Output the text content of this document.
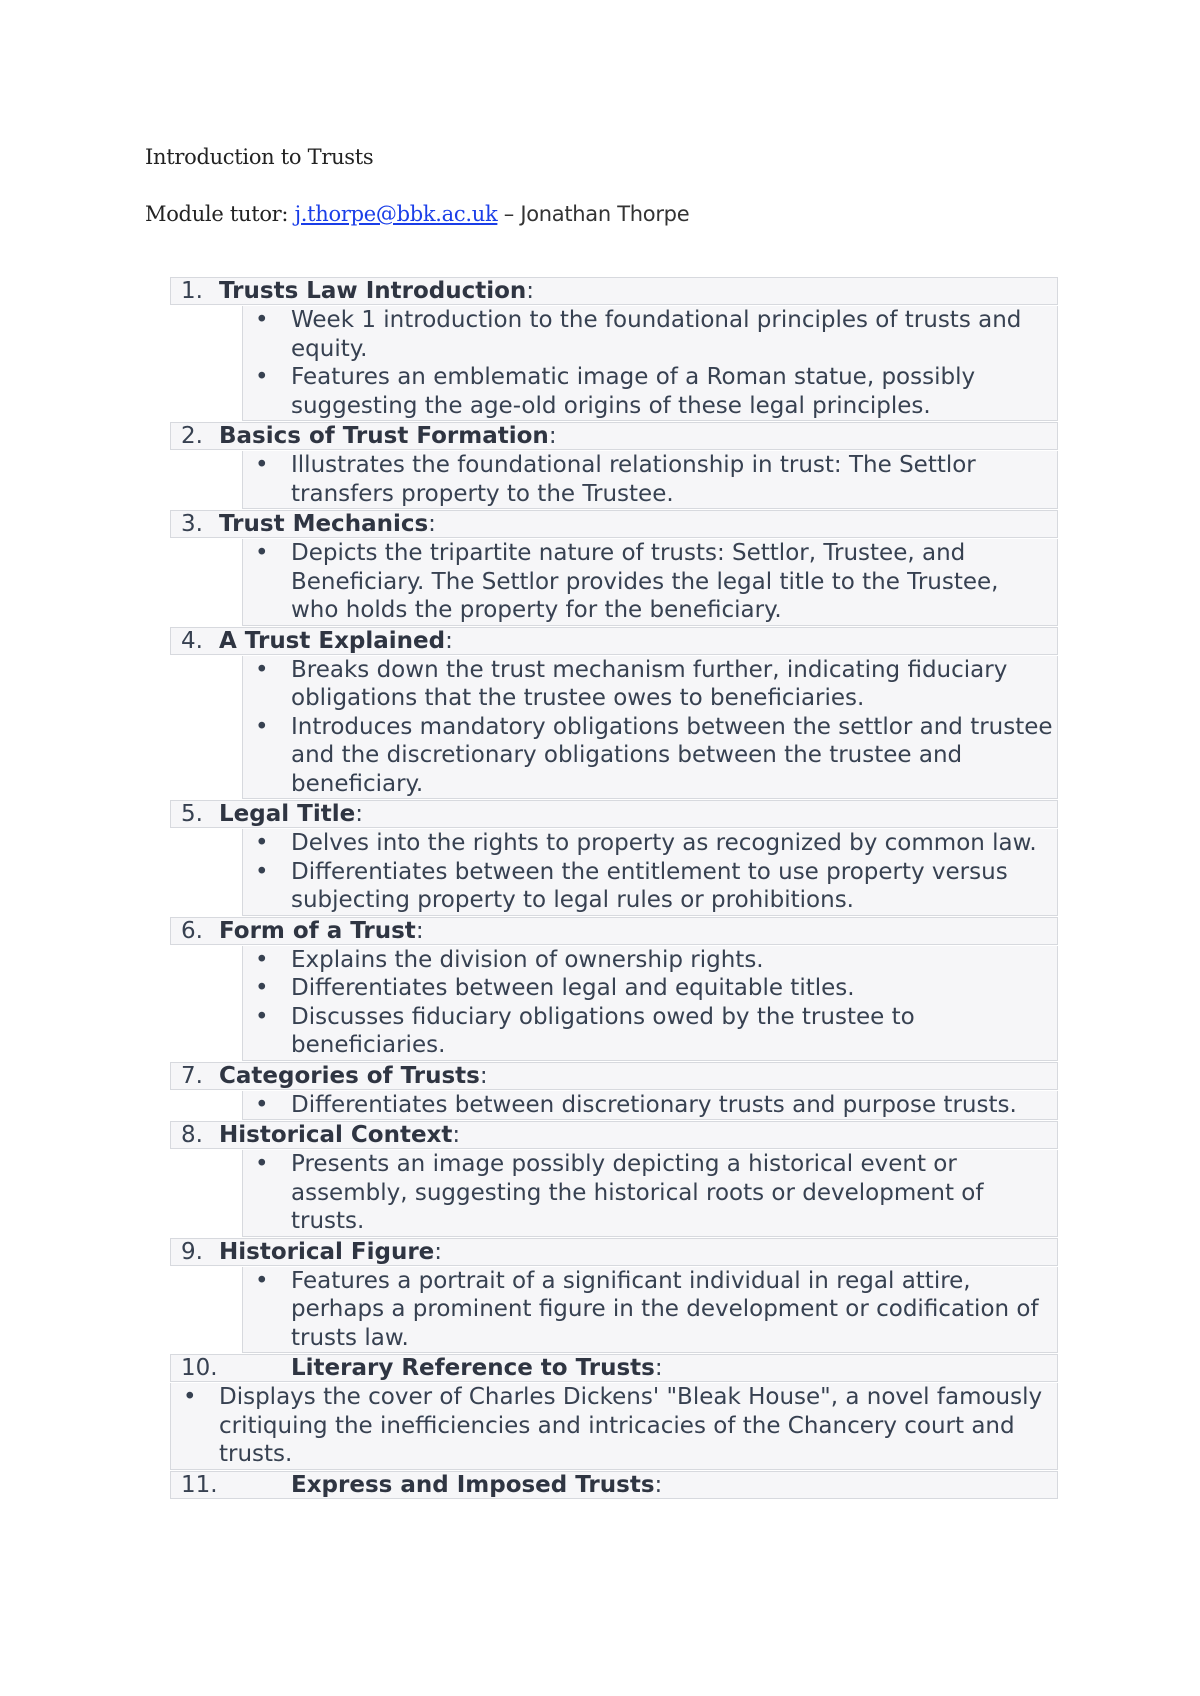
Introduction to Trusts
Module tutor: j.thorpe@bbk.ac.uk – Jonathan Thorpe
1. Trusts Law Introduction:
• Week 1 introduction to the foundational principles of trusts and equity.
• Features an emblematic image of a Roman statue, possibly suggesting the age-old origins of these legal principles.
2. Basics of Trust Formation:
• Illustrates the foundational relationship in trust: The Settlor transfers property to the Trustee.
3. Trust Mechanics:
• Depicts the tripartite nature of trusts: Settlor, Trustee, and Beneficiary. The Settlor provides the legal title to the Trustee, who holds the property for the beneficiary.
4. A Trust Explained:
• Breaks down the trust mechanism further, indicating fiduciary obligations that the trustee owes to beneficiaries.
• Introduces mandatory obligations between the settlor and trustee and the discretionary obligations between the trustee and beneficiary.
5. Legal Title:
• Delves into the rights to property as recognized by common law.
• Differentiates between the entitlement to use property versus subjecting property to legal rules or prohibitions.
6. Form of a Trust:
• Explains the division of ownership rights.
• Differentiates between legal and equitable titles.
• Discusses fiduciary obligations owed by the trustee to beneficiaries.
7. Categories of Trusts:
• Differentiates between discretionary trusts and purpose trusts.
8. Historical Context:
• Presents an image possibly depicting a historical event or assembly, suggesting the historical roots or development of trusts.
9. Historical Figure:
• Features a portrait of a significant individual in regal attire, perhaps a prominent figure in the development or codification of trusts law.
10.	Literary Reference to Trusts:
• Displays the cover of Charles Dickens' "Bleak House", a novel famously critiquing the inefficiencies and intricacies of the Chancery court and trusts.
11.	Express and Imposed Trusts:
